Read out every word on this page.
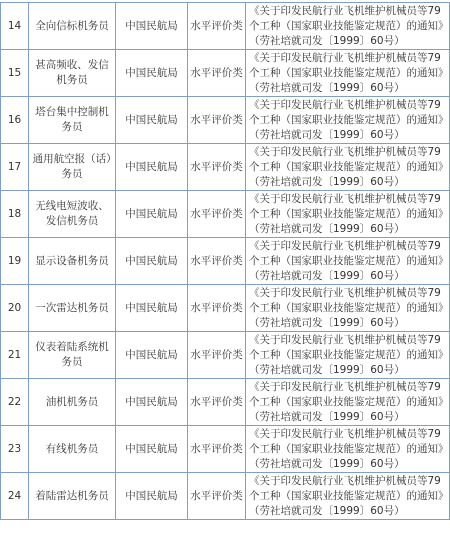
14	全向信标机务员	中国民航局	水平评价类	《关于印发民航行业飞机维护机械员等79个工种（国家职业技能鉴定规范）的通知》（劳社培就司发〔1999〕60号）

15	甚高频收、发信机务员	中国民航局	水平评价类	《关于印发民航行业飞机维护机械员等79个工种（国家职业技能鉴定规范）的通知》（劳社培就司发〔1999〕60号）

16	塔台集中控制机务员	中国民航局	水平评价类	《关于印发民航行业飞机维护机械员等79个工种（国家职业技能鉴定规范）的通知》（劳社培就司发〔1999〕60号）

17	通用航空报（话）务员	中国民航局	水平评价类	《关于印发民航行业飞机维护机械员等79个工种（国家职业技能鉴定规范）的通知》（劳社培就司发〔1999〕60号）

18	无线电短波收、发信机务员	中国民航局	水平评价类	《关于印发民航行业飞机维护机械员等79个工种（国家职业技能鉴定规范）的通知》（劳社培就司发〔1999〕60号）

19	显示设备机务员	中国民航局	水平评价类	《关于印发民航行业飞机维护机械员等79个工种（国家职业技能鉴定规范）的通知》（劳社培就司发〔1999〕60号）

20	一次雷达机务员	中国民航局	水平评价类	《关于印发民航行业飞机维护机械员等79个工种（国家职业技能鉴定规范）的通知》（劳社培就司发〔1999〕60号）

21	仪表着陆系统机务员	中国民航局	水平评价类	《关于印发民航行业飞机维护机械员等79个工种（国家职业技能鉴定规范）的通知》（劳社培就司发〔1999〕60号）

22	油机机务员	中国民航局	水平评价类	《关于印发民航行业飞机维护机械员等79个工种（国家职业技能鉴定规范）的通知》（劳社培就司发〔1999〕60号）

23	有线机务员	中国民航局	水平评价类	《关于印发民航行业飞机维护机械员等79个工种（国家职业技能鉴定规范）的通知》（劳社培就司发〔1999〕60号）

24	着陆雷达机务员	中国民航局	水平评价类	《关于印发民航行业飞机维护机械员等79个工种（国家职业技能鉴定规范）的通知》（劳社培就司发〔1999〕60号）
